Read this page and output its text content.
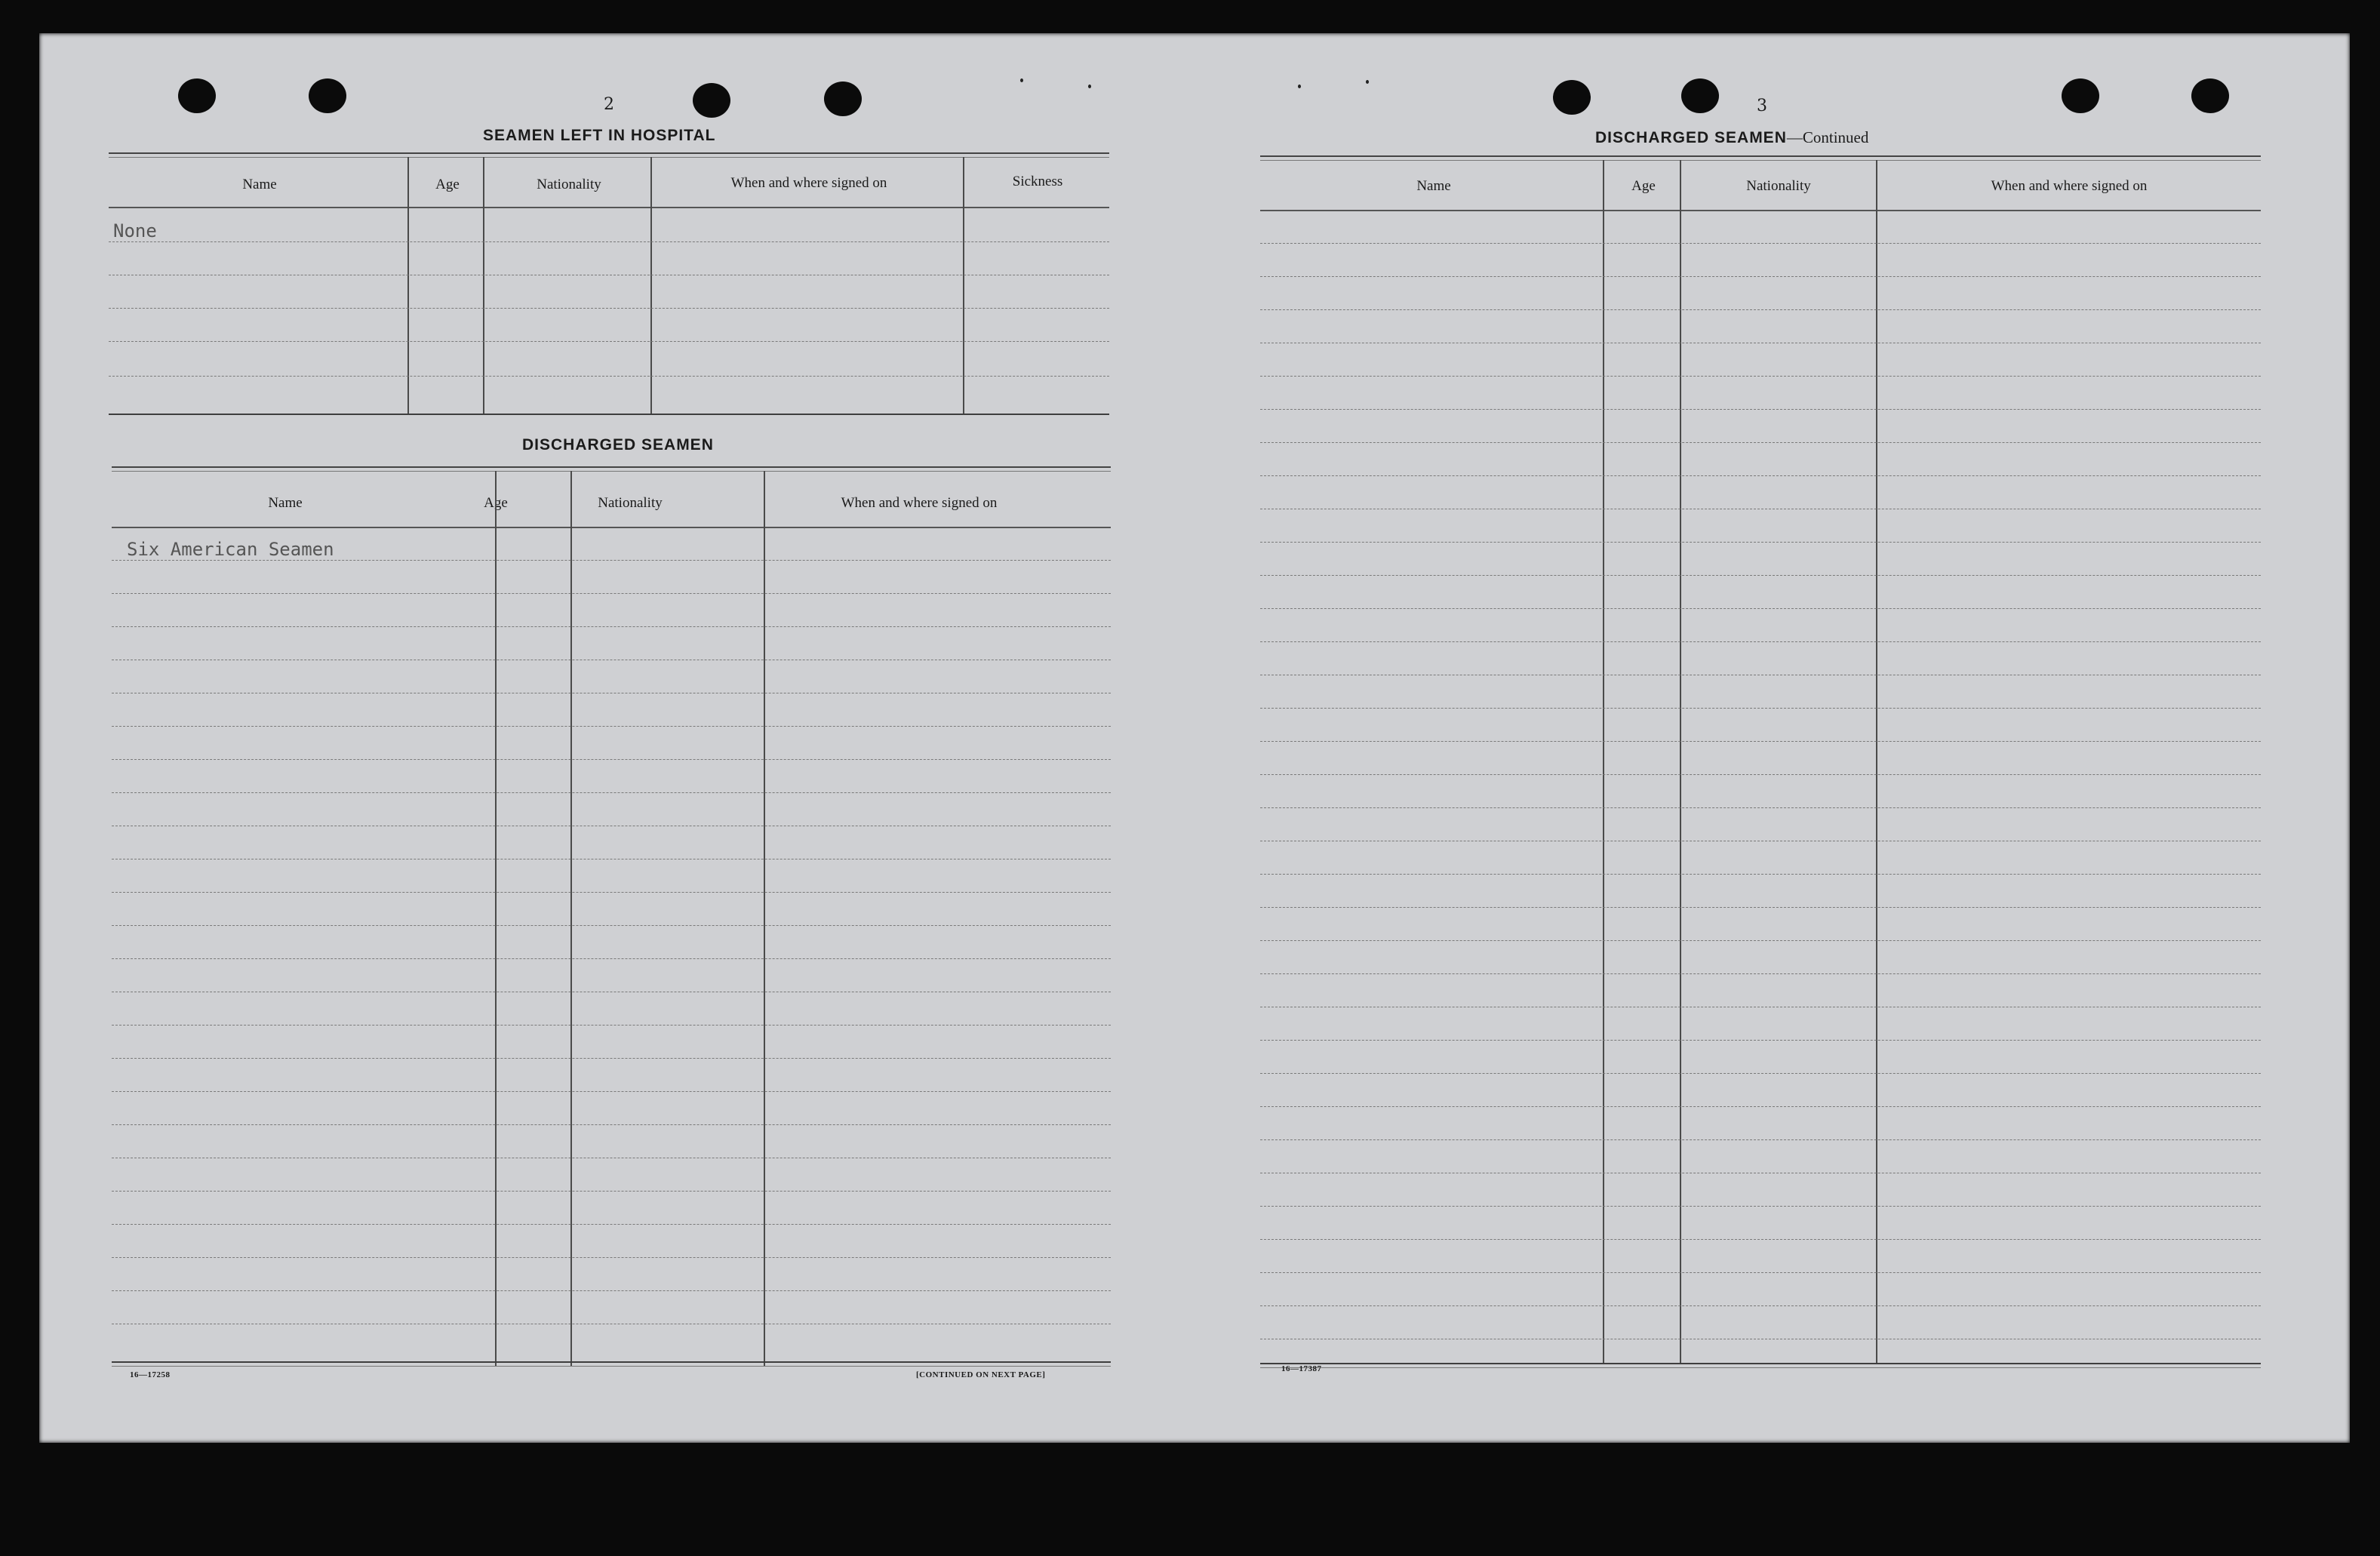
2
SEAMEN LEFT IN HOSPITAL
Name	Age	Nationality	When and where signed on	Sickness
None
DISCHARGED SEAMEN
Name	Age	Nationality	When and where signed on
Six American Seamen
16—17258	[CONTINUED ON NEXT PAGE]
3
DISCHARGED SEAMEN—Continued
Name	Age	Nationality	When and where signed on
16—17387
